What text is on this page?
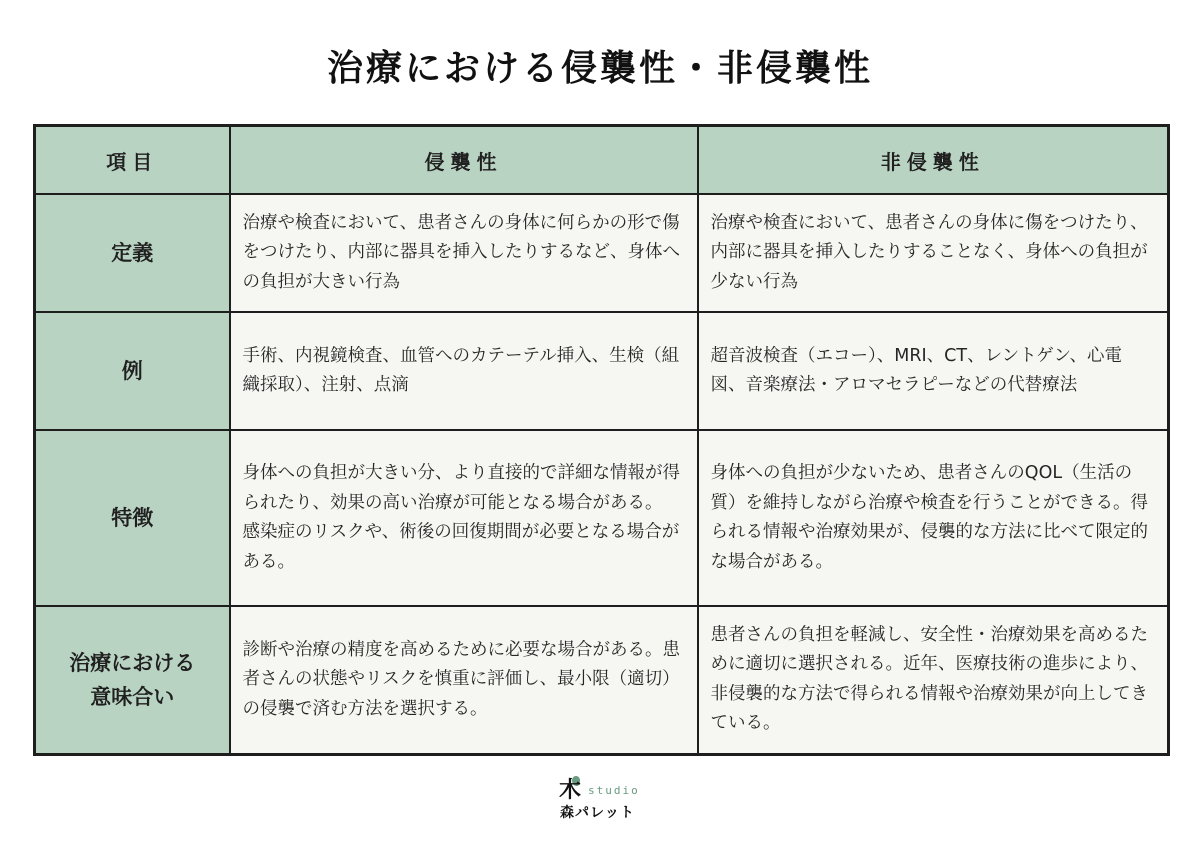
治療における侵襲性・非侵襲性
項目	侵襲性	非侵襲性
定義	治療や検査において、患者さんの身体に何らかの形で傷をつけたり、内部に器具を挿入したりするなど、身体への負担が大きい行為	治療や検査において、患者さんの身体に傷をつけたり、内部に器具を挿入したりすることなく、身体への負担が少ない行為
例	手術、内視鏡検査、血管へのカテーテル挿入、生検（組織採取）、注射、点滴	超音波検査（エコー）、MRI、CT、レントゲン、心電図、音楽療法・アロマセラピーなどの代替療法
特徴	身体への負担が大きい分、より直接的で詳細な情報が得られたり、効果の高い治療が可能となる場合がある。 感染症のリスクや、術後の回復期間が必要となる場合がある。	身体への負担が少ないため、患者さんのQOL（生活の質）を維持しながら治療や検査を行うことができる。得られる情報や治療効果が、侵襲的な方法に比べて限定的な場合がある。

治療における
意味合い	診断や治療の精度を高めるために必要な場合がある。患者さんの状態やリスクを慎重に評価し、最小限（適切）の侵襲で済む方法を選択する。	患者さんの負担を軽減し、安全性・治療効果を高めるために適切に選択される。近年、医療技術の進歩により、非侵襲的な方法で得られる情報や治療効果が向上してきている。
木 studio
森パレット
